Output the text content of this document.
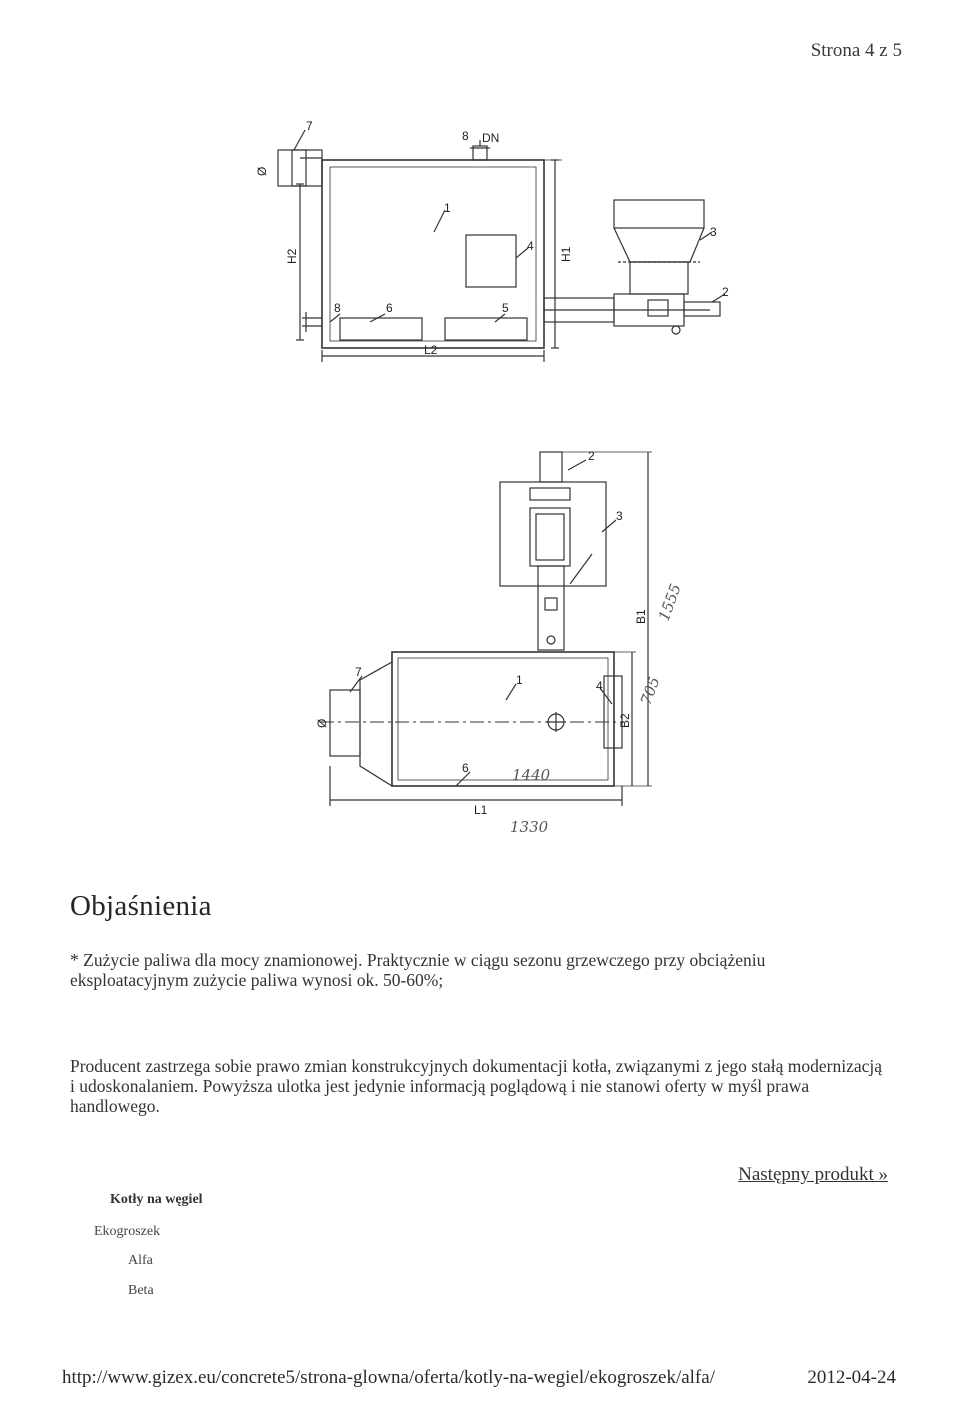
Strona 4 z 5
7
8 DN
1
4
H1
H2
3
2
8	6	5
L2
Ø
2
3
B1
7
1	4
B2
Ø
6
L1
1440
1330
1555
705
Objaśnienia
* Zużycie paliwa dla mocy znamionowej. Praktycznie w ciągu sezonu grzewczego przy obciążeniu eksploatacyjnym zużycie paliwa wynosi ok. 50-60%;
Producent zastrzega sobie prawo zmian konstrukcyjnych dokumentacji kotła, związanymi z jego stałą modernizacją i udoskonalaniem. Powyższa ulotka jest jedynie informacją poglądową i nie stanowi oferty w myśl prawa handlowego.
Następny produkt »
Kotły na węgiel
Ekogroszek
Alfa
Beta
http://www.gizex.eu/concrete5/strona-glowna/oferta/kotly-na-wegiel/ekogroszek/alfa/	2012-04-24
